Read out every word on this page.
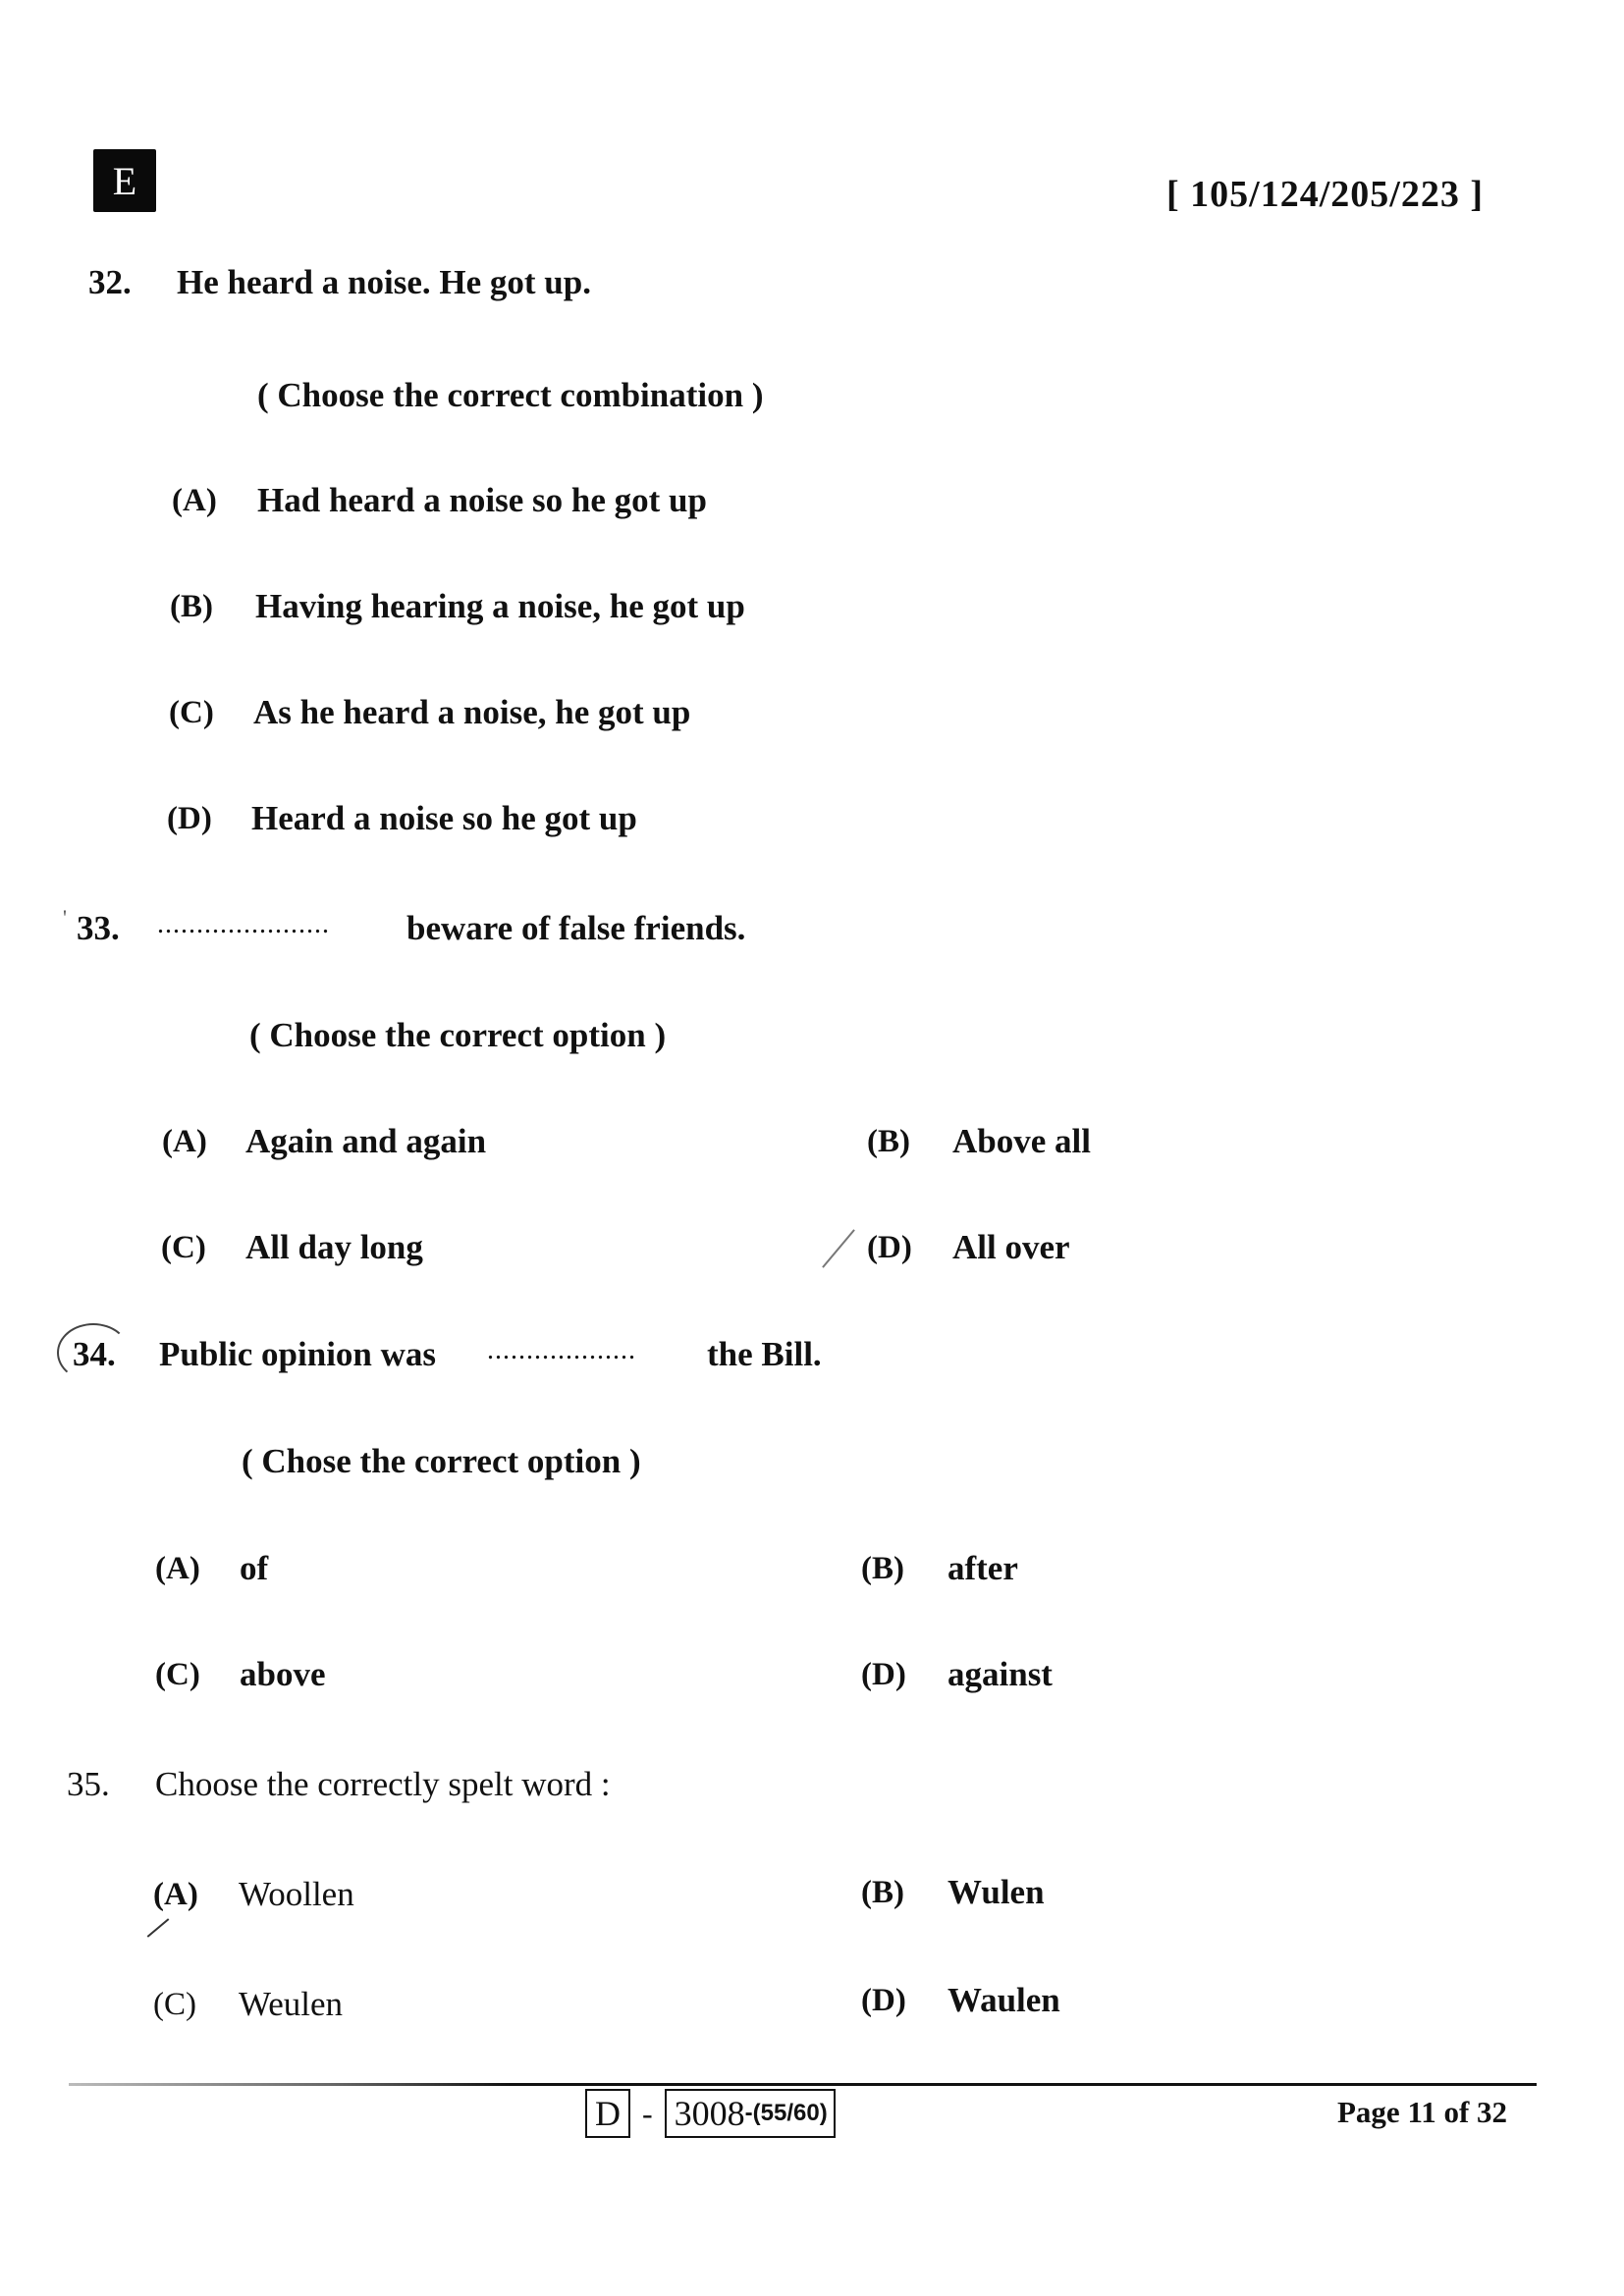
E	[ 105/124/205/223 ]
32. He heard a noise. He got up.
( Choose the correct combination )
(A) Had heard a noise so he got up
(B) Having hearing a noise, he got up
(C) As he heard a noise, he got up
(D) Heard a noise so he got up
' 33. ...................... beware of false friends.
( Choose the correct option )
(A) Again and again	(B) Above all
(C) All day long	(D) All over
34. Public opinion was ................... the Bill.
( Chose the correct option )
(A) of	(B) after
(C) above	(D) against
35. Choose the correctly spelt word :
(A) Woollen	(B) Wulen
(C) Weulen	(D) Waulen
D - 3008 -(55/60)	Page 11 of 32
